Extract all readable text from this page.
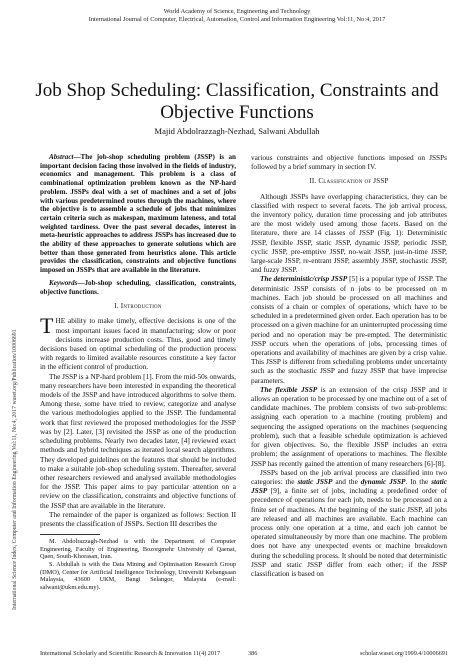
World Academy of Science, Engineering and Technology
International Journal of Computer, Electrical, Automation, Control and Information Engineering Vol:11, No:4, 2017
Job Shop Scheduling: Classification, Constraints and Objective Functions
Majid Abdolrazzagh-Nezhad, Salwani Abdullah
International Science Index, Computer and Information Engineering Vol:11, No:4, 2017 waset.org/Publication/10006691

Abstract—The job-shop scheduling problem (JSSP) is an important decision facing those involved in the fields of industry, economics and management. This problem is a class of combinational optimization problem known as the NP-hard problem. JSSPs deal with a set of machines and a set of jobs with various predetermined routes through the machines, where the objective is to assemble a schedule of jobs that minimizes certain criteria such as makespan, maximum lateness, and total weighted tardiness. Over the past several decades, interest in meta-heuristic approaches to address JSSPs has increased due to the ability of these approaches to generate solutions which are better than those generated from heuristics alone. This article provides the classification, constraints and objective functions imposed on JSSPs that are available in the literature.

Keywords—Job-shop scheduling, classification, constraints, objective functions.

I. Introduction

THE ability to make timely, effective decisions is one of the most important issues faced in manufacturing; slow or poor decisions increase production costs. Thus, good and timely decisions based on optimal scheduling of the production process with regards to limited available resources constitute a key factor in the efficient control of production.

The JSSP is a NP-hard problem [1]. From the mid-50s onwards, many researchers have been interested in expanding the theoretical models of the JSSP and have introduced algorithms to solve them. Among these, some have tried to review, categorize and analyse the various methodologies applied to the JSSP. The fundamental work that first reviewed the proposed methodologies for the JSSP was by [2]. Later, [3] revisited the JSSP as one of the production scheduling problems. Nearly two decades later, [4] reviewed exact methods and hybrid techniques as iterated local search algorithms. They developed guidelines on the features that should be included to make a suitable job-shop scheduling system. Thereafter, several other researchers reviewed and analysed available methodologies for the JSSP. This paper aims to pay particular attention on a review on the classification, constraints and objective functions of the JSSP that are available in the literature.

The remainder of the paper is organized as follows: Section II presents the classification of JSSPs. Section III describes the

M. Abdolrazzagh-Nezhad is with the Department of Computer Engineering, Faculty of Engineering, Bozorgmehr University of Qaenat, Qaen, South-Khorasan, Iran.

S. Abdullah is with the Data Mining and Optimisation Research Group (DMO), Center for Artificial Intelligence Technology, Universiti Kebangsaan Malaysia, 43600 UKM, Bangi Selangor, Malaysia (e-mail: salwani@ukm.edu.my).

various constraints and objective functions imposed on JSSPs followed by a brief summary in section IV.

II. Classification of JSSP

Although JSSPs have overlapping characteristics, they can be classified with respect to several facets. The job arrival process, the inventory policy, duration time processing and job attributes are the most widely used among those facets. Based on the literature, there are 14 classes of JSSP (Fig. 1): Deterministic JSSP, flexible JSSP, static JSSP, dynamic JSSP, periodic JSSP, cyclic JSSP, pre-emptive JSSP, no-wait JSSP, just-in-time JSSP, large-scale JSSP, re-entrant JSSP, assembly JSSP, stochastic JSSP, and fuzzy JSSP.

The deterministic/crisp JSSP [5] is a popular type of JSSP. The deterministic JSSP consists of n jobs to be processed on m machines. Each job should be processed on all machines and consists of a chain or complex of operations, which have to be scheduled in a predetermined given order. Each operation has to be processed on a given machine for an uninterrupted processing time period and no operation may be pre-empted. The deterministic JSSP occurs when the operations of jobs, processing times of operations and availability of machines are given by a crisp value. This JSSP is different from scheduling problems under uncertainty such as the stochastic JSSP and fuzzy JSSP that have imprecise parameters.

The flexible JSSP is an extension of the crisp JSSP and it allows an operation to be processed by one machine out of a set of candidate machines. The problem consists of two sub-problems: assigning each operation to a machine (routing problem) and sequencing the assigned operations on the machines (sequencing problem), such that a feasible schedule optimization is achieved for given objectives. So, the flexible JSSP includes an extra problem; the assignment of operations to machines. The flexible JSSP has recently gained the attention of many researchers [6]-[8].

JSSPs based on the job arrival process are classified into two categories: the static JSSP and the dynamic JSSP. In the static JSSP [9], a finite set of jobs, including a predefined order of precedence of operations for each job, needs to be processed on a finite set of machines. At the beginning of the static JSSP, all jobs are released and all machines are available. Each machine can process only one operation at a time, and each job cannot be operated simultaneously by more than one machine. The problem does not have any unexpected events or machine breakdown during the scheduling process. It should be noted that deterministic JSSP and static JSSP differ from each other; if the JSSP classification is based on

International Scholarly and Scientific Research & Innovation 11(4) 2017	386	scholar.waset.org/1999.4/10006691
